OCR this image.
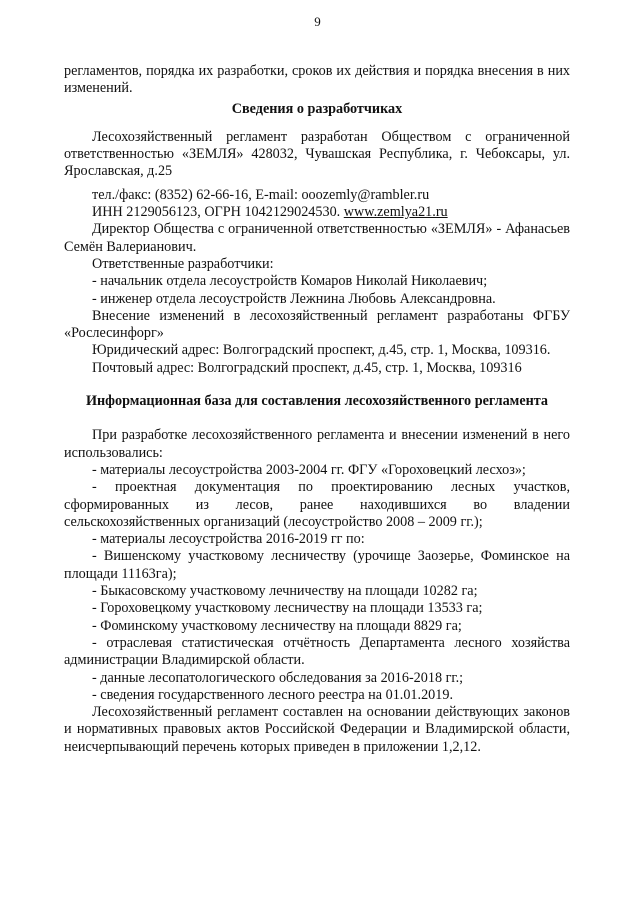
9

регламентов, порядка их разработки, сроков их действия и порядка внесения в них изменений.

Сведения о разработчиках

Лесохозяйственный регламент разработан Обществом с ограниченной ответственностью «ЗЕМЛЯ» 428032, Чувашская Республика, г. Чебоксары, ул. Ярославская, д.25

тел./факс: (8352) 62-66-16, E-mail: ooozemly@rambler.ru

ИНН 2129056123, ОГРН 1042129024530. www.zemlya21.ru

Директор Общества с ограниченной ответственностью «ЗЕМЛЯ» - Афанасьев Семён Валерианович.

Ответственные разработчики:

- начальник отдела лесоустройств Комаров Николай Николаевич;

- инженер отдела лесоустройств Лежнина Любовь Александровна.

Внесение изменений в лесохозяйственный регламент разработаны ФГБУ «Рослесинфорг»

Юридический адрес: Волгоградский проспект, д.45, стр. 1, Москва, 109316.

Почтовый адрес: Волгоградский проспект, д.45, стр. 1, Москва, 109316

Информационная база для составления лесохозяйственного регламента

При разработке лесохозяйственного регламента и внесении изменений в него использовались:

- материалы лесоустройства 2003-2004 гг. ФГУ «Гороховецкий лесхоз»;

- проектная документация по проектированию лесных участков, сформированных из лесов, ранее находившихся во владении сельскохозяйственных организаций (лесоустройство 2008 – 2009 гг.);

- материалы лесоустройства 2016-2019 гг по:

- Вишенскому участковому лесничеству (урочище Заозерье, Фоминское на площади 11163га);

- Быкасовскому участковому лечничеству на площади 10282 га;

- Гороховецкому участковому лесничеству на площади 13533 га;

- Фоминскому участковому лесничеству на площади 8829 га;

- отраслевая статистическая отчётность Департамента лесного хозяйства администрации Владимирской области.

- данные лесопатологического обследования за 2016-2018 гг.;

- сведения государственного лесного реестра на 01.01.2019.

Лесохозяйственный регламент составлен на основании действующих законов и нормативных правовых актов Российской Федерации и Владимирской области, неисчерпывающий перечень которых приведен в приложении 1,2,12.
